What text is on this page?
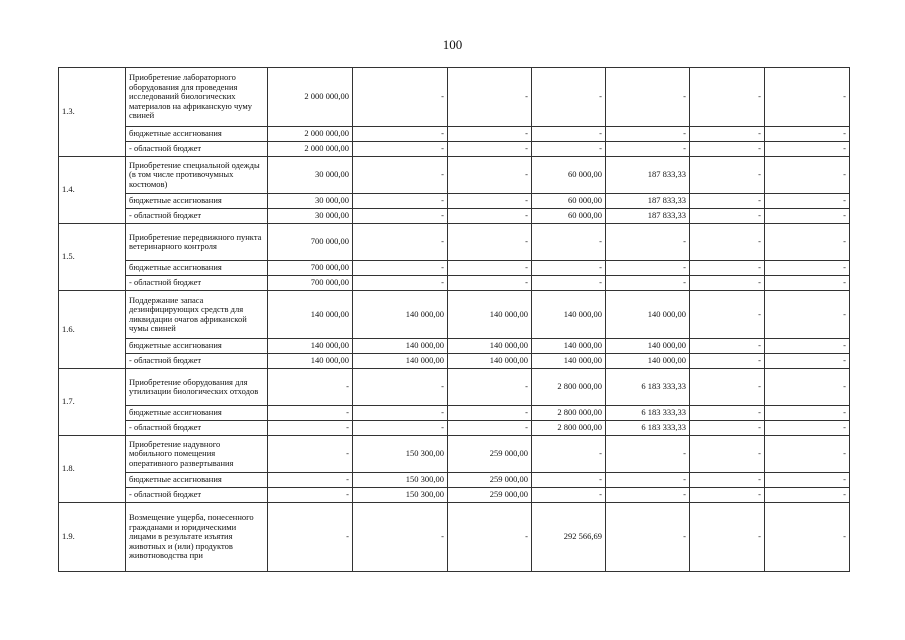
100
1.3.	Приобретение лабораторного оборудования для проведения исследований биологических материалов на африканскую чуму свиней	2 000 000,00	-	-	-	-	-	-
	бюджетные ассигнования	2 000 000,00	-	-	-	-	-	-
	- областной бюджет	2 000 000,00	-	-	-	-	-	-
1.4.	Приобретение специальной одежды (в том числе противочумных костюмов)	30 000,00	-	-	60 000,00	187 833,33	-	-
	бюджетные ассигнования	30 000,00	-	-	60 000,00	187 833,33	-	-
	- областной бюджет	30 000,00	-	-	60 000,00	187 833,33	-	-
1.5.	Приобретение передвижного пункта ветеринарного контроля	700 000,00	-	-	-	-	-	-
	бюджетные ассигнования	700 000,00	-	-	-	-	-	-
	- областной бюджет	700 000,00	-	-	-	-	-	-
1.6.	Поддержание запаса дезинфицирующих средств для ликвидации очагов африканской чумы свиней	140 000,00	140 000,00	140 000,00	140 000,00	140 000,00	-	-
	бюджетные ассигнования	140 000,00	140 000,00	140 000,00	140 000,00	140 000,00	-	-
	- областной бюджет	140 000,00	140 000,00	140 000,00	140 000,00	140 000,00	-	-
1.7.	Приобретение оборудования для утилизации биологических отходов	-	-	-	2 800 000,00	6 183 333,33	-	-
	бюджетные ассигнования	-	-	-	2 800 000,00	6 183 333,33	-	-
	- областной бюджет	-	-	-	2 800 000,00	6 183 333,33	-	-
1.8.	Приобретение надувного мобильного помещения оперативного развертывания	-	150 300,00	259 000,00	-	-	-	-
	бюджетные ассигнования	-	150 300,00	259 000,00	-	-	-	-
	- областной бюджет	-	150 300,00	259 000,00	-	-	-	-
1.9.	Возмещение ущерба, понесенного гражданами и юридическими лицами в результате изъятия животных и (или) продуктов животноводства при	-	-	-	292 566,69	-	-	-
